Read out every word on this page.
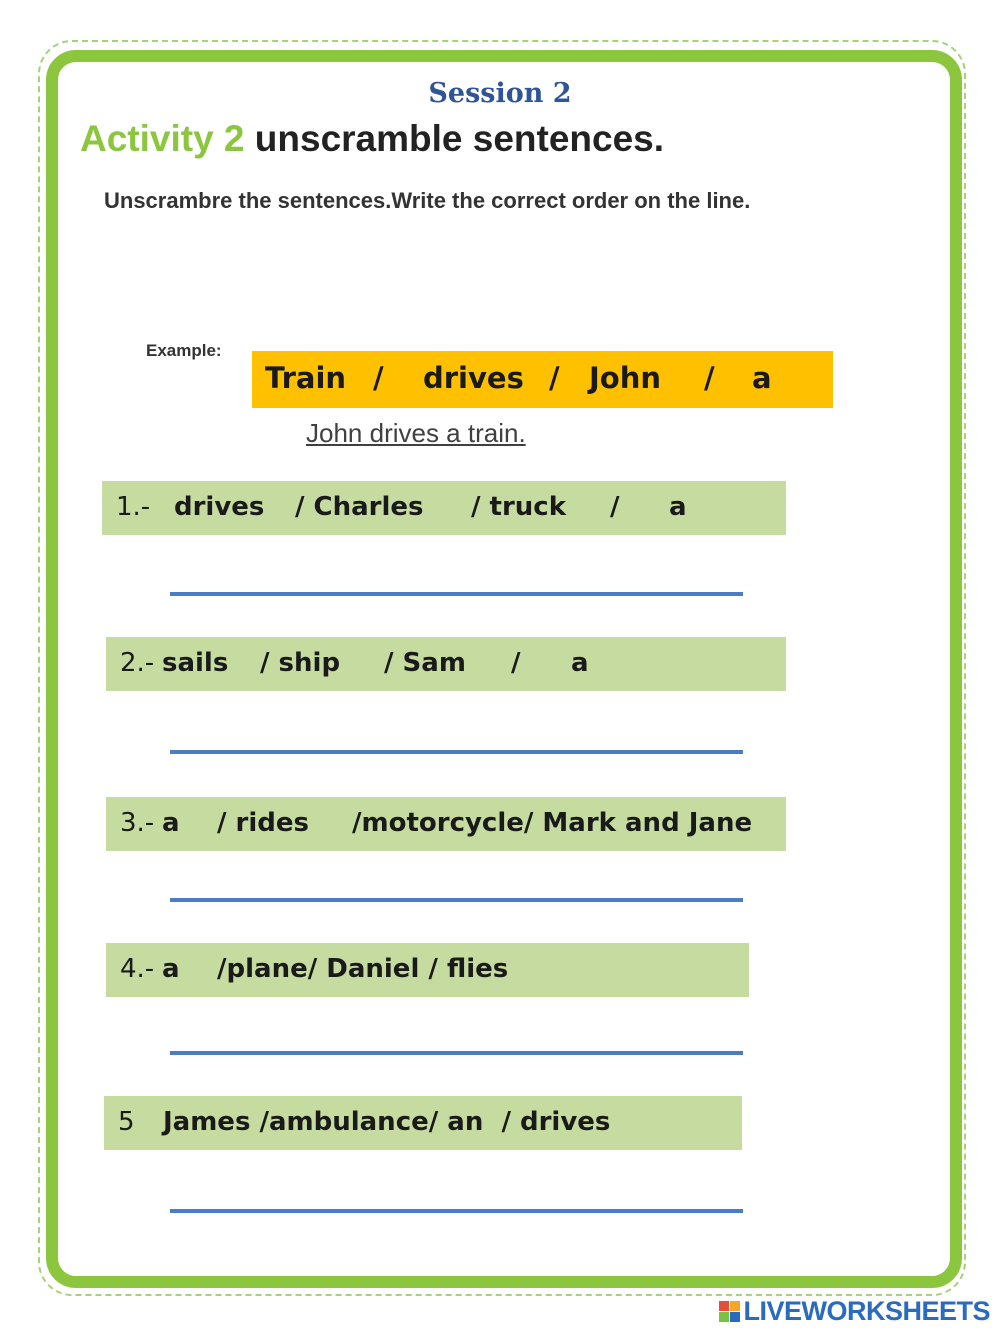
Session 2
Activity 2 unscramble sentences.
Unscrambre the sentences.Write the correct order on the line.
Example:
Train / drives / John / a
John drives a train.
1.- drives / Charles / truck / a
2.- sails / ship / Sam / a
3.- a / rides /motorcycle/ Mark and Jane
4.- a /plane/ Daniel / flies
5 James /ambulance/ an  / drives
LIVEWORKSHEETS
